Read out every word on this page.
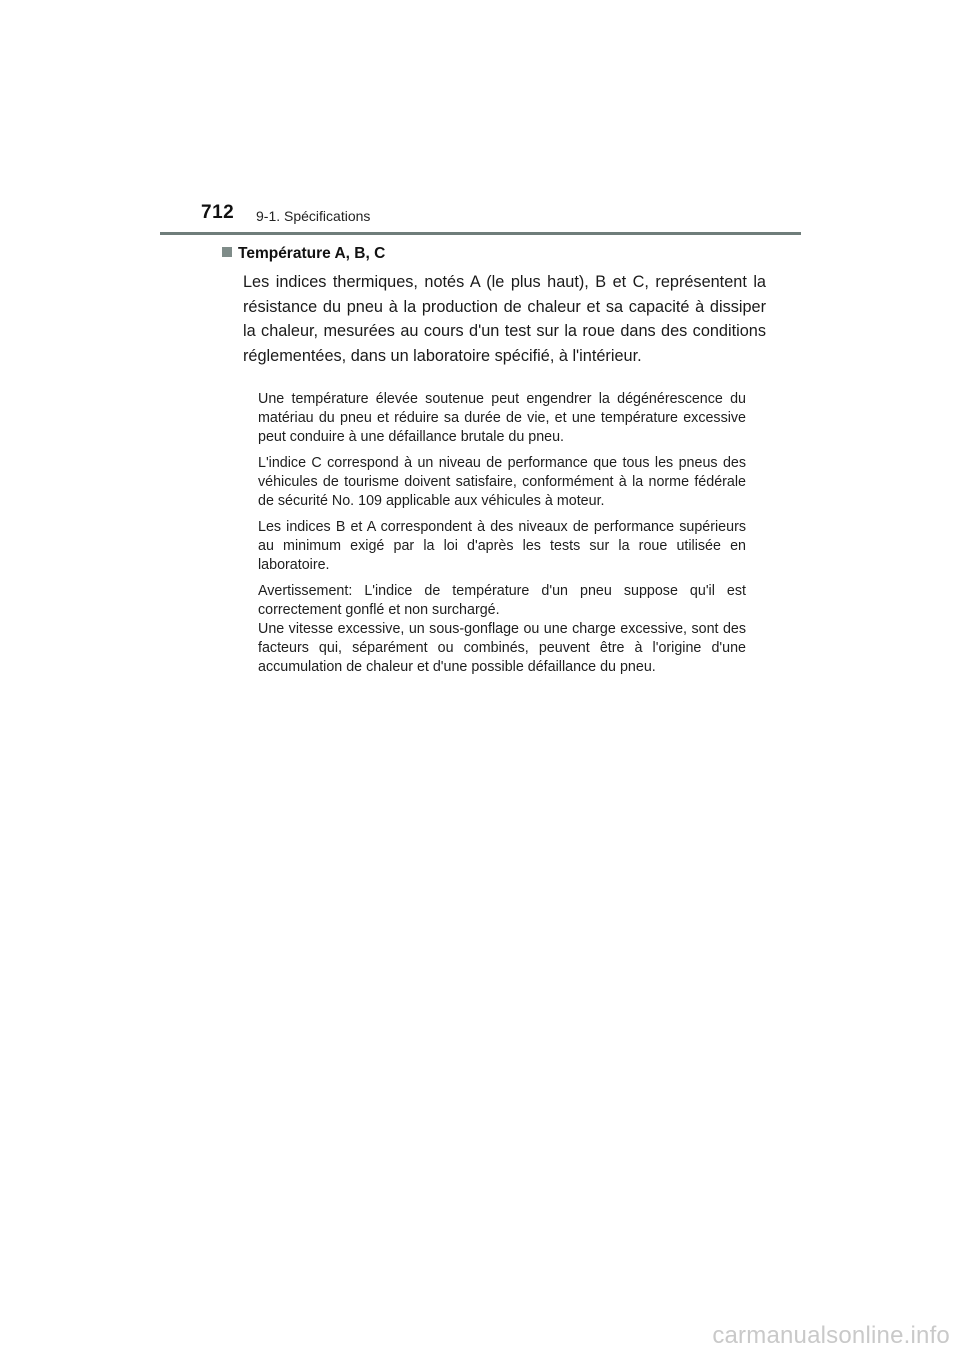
712 9-1. Spécifications
Température A, B, C
Les indices thermiques, notés A (le plus haut), B et C, représentent la résistance du pneu à la production de chaleur et sa capacité à dissiper la chaleur, mesurées au cours d'un test sur la roue dans des conditions réglementées, dans un laboratoire spécifié, à l'intérieur.

Une température élevée soutenue peut engendrer la dégénérescence du matériau du pneu et réduire sa durée de vie, et une température excessive peut conduire à une défaillance brutale du pneu.

L'indice C correspond à un niveau de performance que tous les pneus des véhicules de tourisme doivent satisfaire, conformément à la norme fédérale de sécurité No. 109 applicable aux véhicules à moteur.

Les indices B et A correspondent à des niveaux de performance supérieurs au minimum exigé par la loi d'après les tests sur la roue utilisée en laboratoire.

Avertissement: L'indice de température d'un pneu suppose qu'il est correctement gonflé et non surchargé.

Une vitesse excessive, un sous-gonflage ou une charge excessive, sont des facteurs qui, séparément ou combinés, peuvent être à l'origine d'une accumulation de chaleur et d'une possible défaillance du pneu.

carmanualsonline.info
